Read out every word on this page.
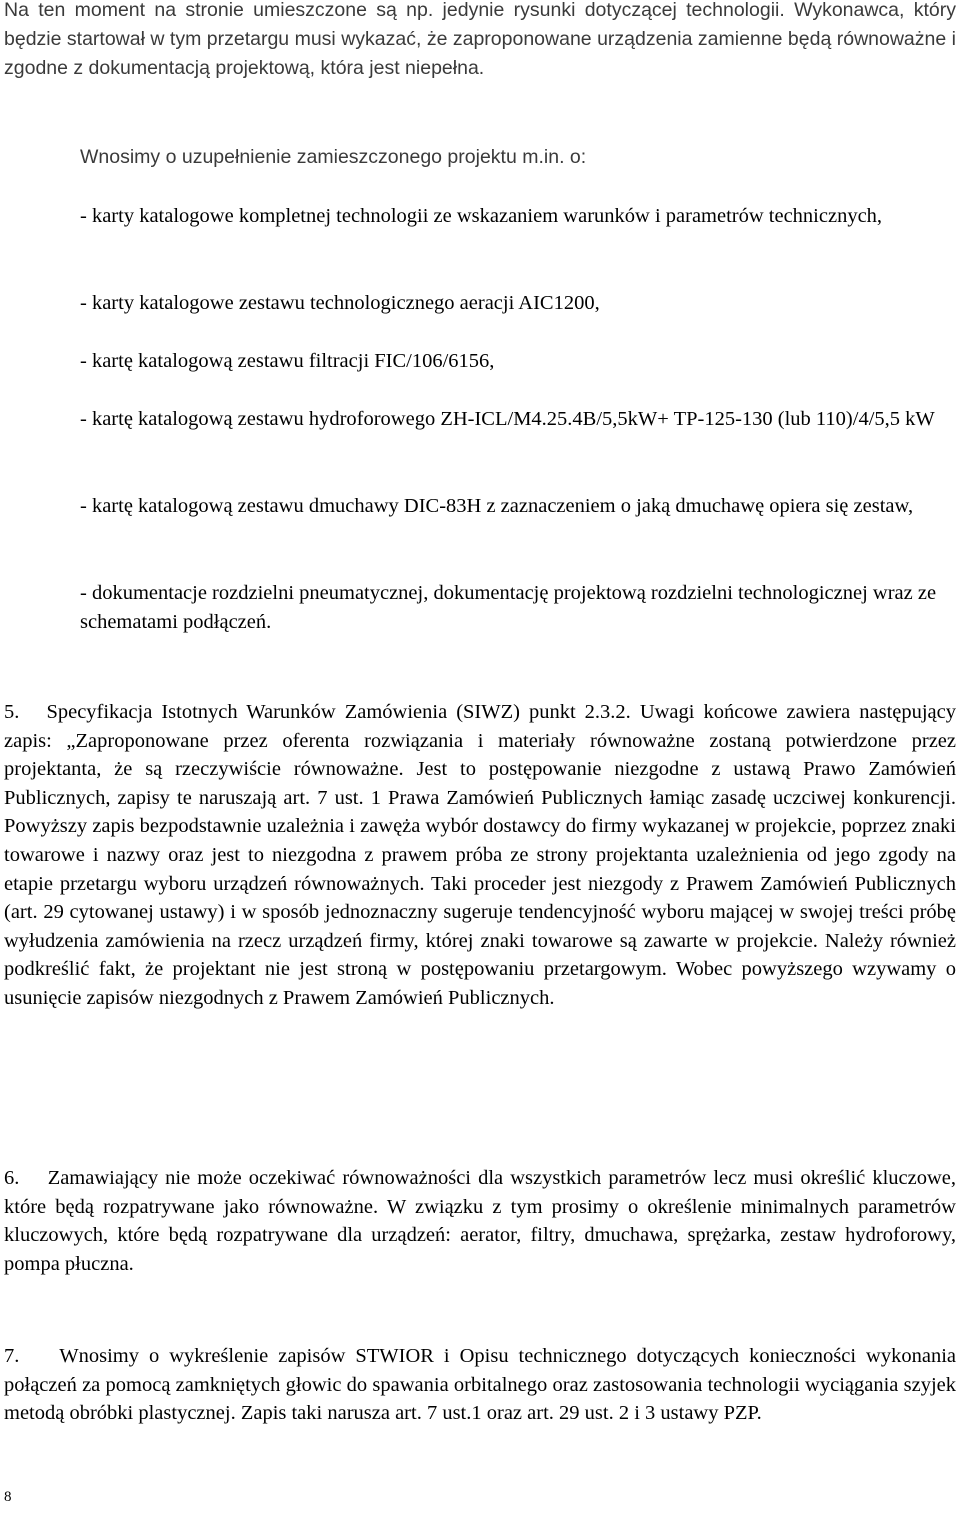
Na ten moment na stronie umieszczone są np. jedynie rysunki dotyczącej technologii. Wykonawca, który będzie startował w tym przetargu musi wykazać, że zaproponowane urządzenia zamienne będą równoważne i zgodne z dokumentacją projektową, która jest niepełna.
Wnosimy o uzupełnienie zamieszczonego projektu m.in. o:
- karty katalogowe kompletnej technologii ze wskazaniem warunków i parametrów technicznych,
- karty katalogowe zestawu technologicznego aeracji AIC1200,
- kartę katalogową zestawu filtracji FIC/106/6156,
- kartę katalogową zestawu hydroforowego ZH-ICL/M4.25.4B/5,5kW+ TP-125-130 (lub 110)/4/5,5 kW
- kartę katalogową zestawu dmuchawy DIC-83H z zaznaczeniem o jaką dmuchawę opiera się zestaw,
- dokumentacje rozdzielni pneumatycznej, dokumentację projektową rozdzielni technologicznej wraz ze schematami podłączeń.
5. Specyfikacja Istotnych Warunków Zamówienia (SIWZ) punkt 2.3.2. Uwagi końcowe zawiera następujący zapis: „Zaproponowane przez oferenta rozwiązania i materiały równoważne zostaną potwierdzone przez projektanta, że są rzeczywiście równoważne. Jest to postępowanie niezgodne z ustawą Prawo Zamówień Publicznych, zapisy te naruszają art. 7 ust. 1 Prawa Zamówień Publicznych łamiąc zasadę uczciwej konkurencji. Powyższy zapis bezpodstawnie uzależnia i zawęża wybór dostawcy do firmy wykazanej w projekcie, poprzez znaki towarowe i nazwy oraz jest to niezgodna z prawem próba ze strony projektanta uzależnienia od jego zgody na etapie przetargu wyboru urządzeń równoważnych. Taki proceder jest niezgody z Prawem Zamówień Publicznych (art. 29 cytowanej ustawy) i w sposób jednoznaczny sugeruje tendencyjność wyboru mającej w swojej treści próbę wyłudzenia zamówienia na rzecz urządzeń firmy, której znaki towarowe są zawarte w projekcie. Należy również podkreślić fakt, że projektant nie jest stroną w postępowaniu przetargowym. Wobec powyższego wzywamy o usunięcie zapisów niezgodnych z Prawem Zamówień Publicznych.
6. Zamawiający nie może oczekiwać równoważności dla wszystkich parametrów lecz musi określić kluczowe, które będą rozpatrywane jako równoważne. W związku z tym prosimy o określenie minimalnych parametrów kluczowych, które będą rozpatrywane dla urządzeń: aerator, filtry, dmuchawa, sprężarka, zestaw hydroforowy, pompa płuczna.
7. Wnosimy o wykreślenie zapisów STWIOR i Opisu technicznego dotyczących konieczności wykonania połączeń za pomocą zamkniętych głowic do spawania orbitalnego oraz zastosowania technologii wyciągania szyjek metodą obróbki plastycznej. Zapis taki narusza art. 7 ust.1 oraz art. 29 ust. 2 i 3 ustawy PZP.
8
